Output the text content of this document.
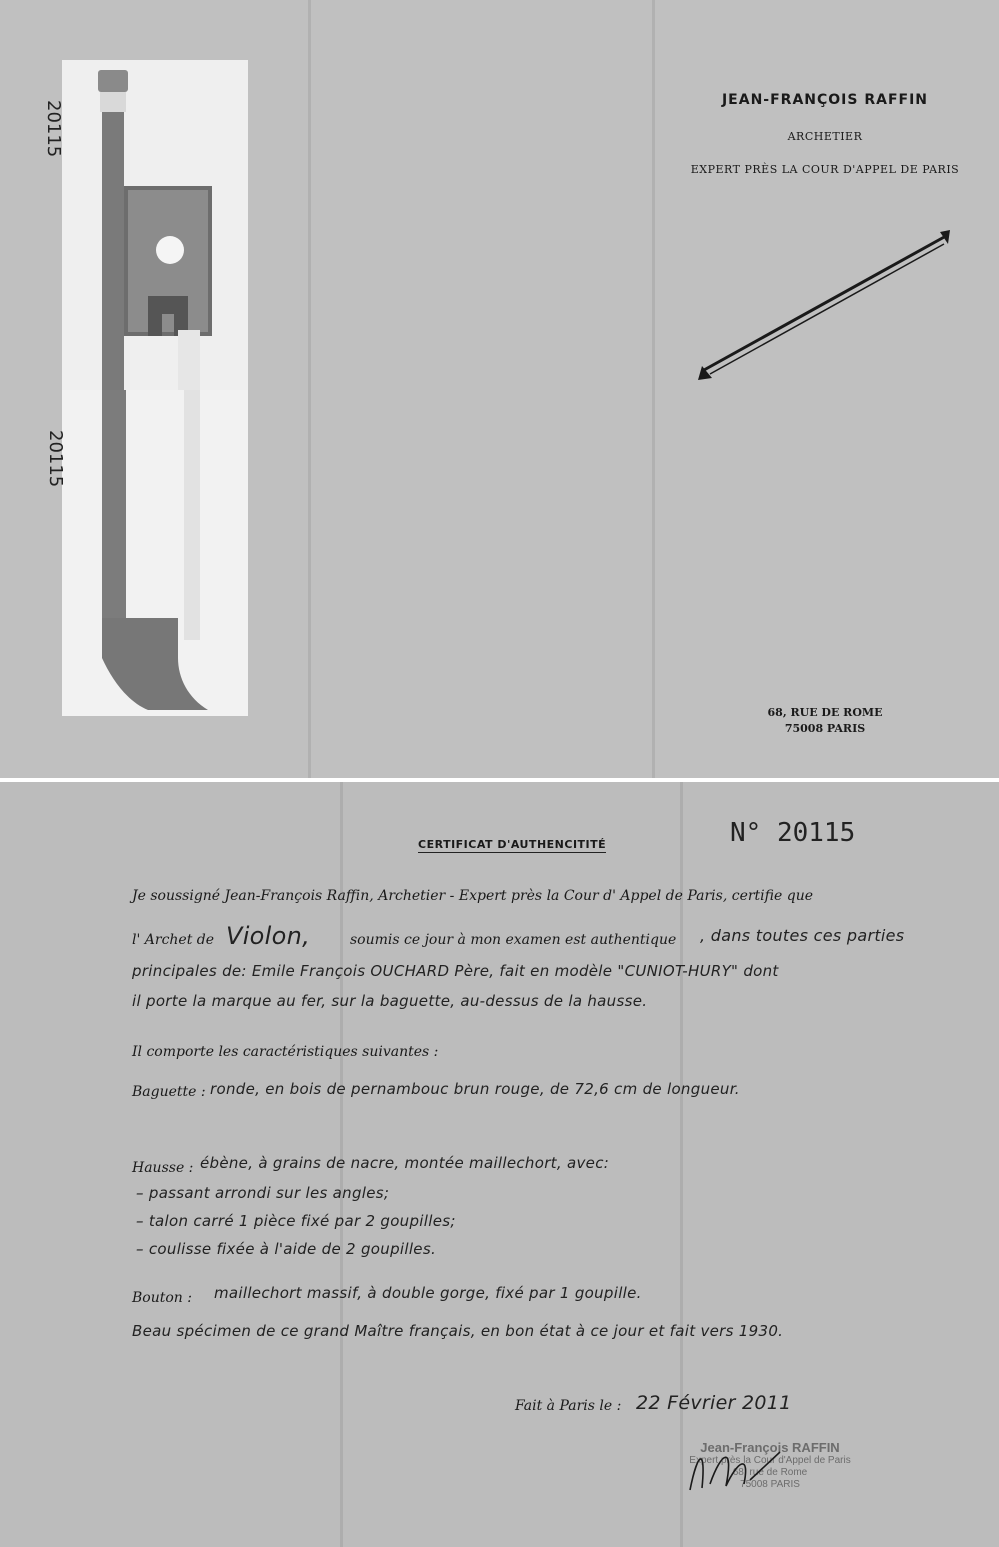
20115
20115
JEAN-FRANÇOIS RAFFIN
ARCHETIER
EXPERT PRÈS LA COUR D'APPEL DE PARIS
68, RUE DE ROME
75008 PARIS
CERTIFICAT D'AUTHENCITITÉ	N° 20115
Je soussigné Jean-François Raffin, Archetier - Expert près la Cour d' Appel de Paris, certifie que
l' Archet de Violon,	soumis ce jour à mon examen est authentique , dans toutes ces parties
principales de: Emile François OUCHARD Père, fait en modèle "CUNIOT-HURY" dont
il porte la marque au fer, sur la baguette, au-dessus de la hausse.
Il comporte les caractéristiques suivantes :
Baguette : ronde, en bois de pernambouc brun rouge, de 72,6 cm de longueur.
Hausse : ébène, à grains de nacre, montée maillechort, avec:
– passant arrondi sur les angles;
– talon carré 1 pièce fixé par 2 goupilles;
– coulisse fixée à l'aide de 2 goupilles.
Bouton : maillechort massif, à double gorge, fixé par 1 goupille.
Beau spécimen de ce grand Maître français, en bon état à ce jour et fait vers 1930.
Fait à Paris le : 22 Février 2011
Jean-François RAFFIN
Expert près la Cour d'Appel de Paris
68, rue de Rome
75008 PARIS
